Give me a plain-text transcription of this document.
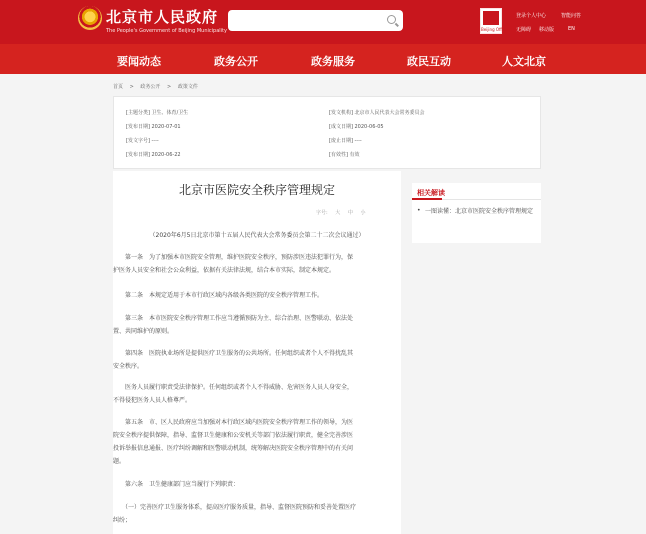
北京市人民政府
The People's Government of Beijing Municipality	Beijing Official
登录个人中心	智能问答
无障碍 移动版	EN
要闻动态	政务公开	政务服务	政民互动	人文北京
首页 > 政务公开 > 政策文件
[主题分类] 卫生、体育/卫生	[发文机构] 北京市人民代表大会常务委员会
[发布日期] 2020-07-01	[成文日期] 2020-06-05
[发文字号] ----	[废止日期] ----
[发布日期] 2020-06-22	[有效性] 有效
北京市医院安全秩序管理规定
字号: 大 中 小
（2020年6月5日北京市第十五届人民代表大会常务委员会第二十二次会议通过）
　　第一条　为了加强本市医院安全管理，维护医院安全秩序，预防涉医违法犯罪行为，保
护医务人员安全和社会公众利益，依据有关法律法规，结合本市实际，制定本规定。
　　第二条　本规定适用于本市行政区域内各级各类医院的安全秩序管理工作。
　　第三条　本市医院安全秩序管理工作应当遵循预防为主、综合治理、医警联动、依法处
置、共同维护的原则。
　　第四条　医院执业场所是提供医疗卫生服务的公共场所。任何组织或者个人不得扰乱其
安全秩序。
　　医务人员履行职责受法律保护。任何组织或者个人不得威胁、危害医务人员人身安全，
不得侵犯医务人员人格尊严。
　　第五条　市、区人民政府应当加强对本行政区域内医院安全秩序管理工作的领导，为医
院安全秩序提供保障，指导、监督卫生健康和公安机关等部门依法履行职责，健全完善涉医
投诉举报信息通报、医疗纠纷调解和医警联动机制，统筹解决医院安全秩序管理中的有关问
题。
　　第六条　卫生健康部门应当履行下列职责：
　　（一）完善医疗卫生服务体系，提高医疗服务质量，指导、监督医院预防和妥善处置医疗
纠纷；
相关解读
• 一图读懂：北京市医院安全秩序管理规定
